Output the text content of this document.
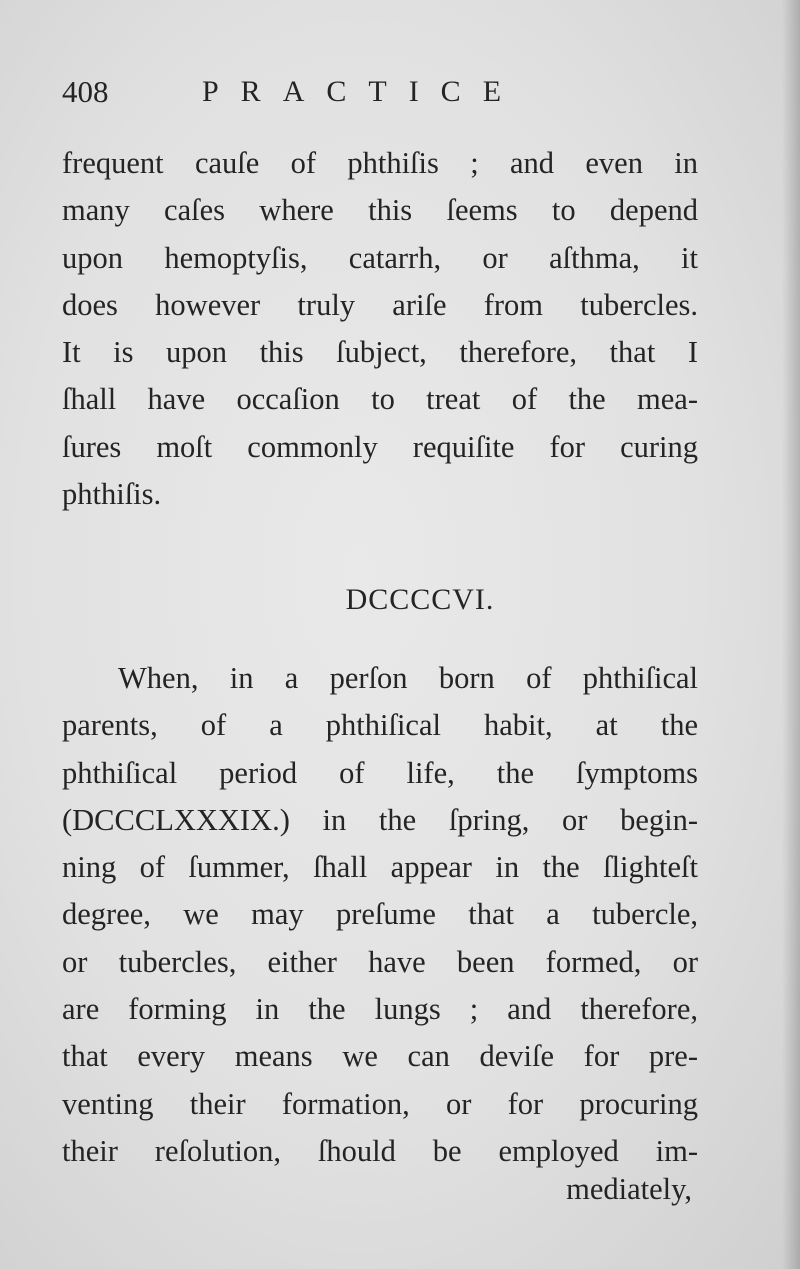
408	PRACTICE
frequent cauſe of phthiſis ; and even in
many caſes where this ſeems to depend
upon hemoptyſis, catarrh, or aſthma, it
does however truly ariſe from tubercles.
It is upon this ſubject, therefore, that I
ſhall have occaſion to treat of the mea-
ſures moſt commonly requiſite for curing
phthiſis.
DCCCCVI.
When, in a perſon born of phthiſical
parents, of a phthiſical habit, at the
phthiſical period of life, the ſymptoms
(DCCCLXXXIX.) in the ſpring, or begin-
ning of ſummer, ſhall appear in the ſlighteſt
degree, we may preſume that a tubercle,
or tubercles, either have been formed, or
are forming in the lungs ; and therefore,
that every means we can deviſe for pre-
venting their formation, or for procuring
their reſolution, ſhould be employed im-
mediately,
